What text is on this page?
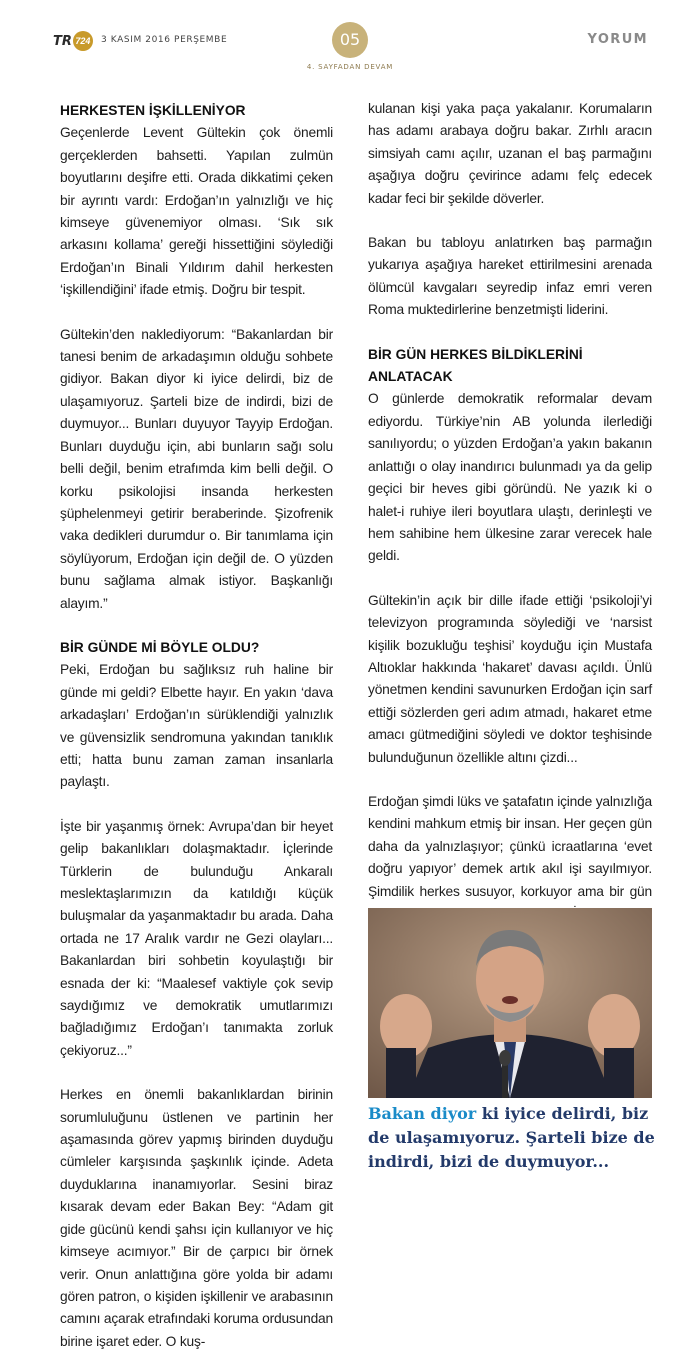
TR 724 3 KASIM 2016 PERŞEMBE	05
4. SAYFADAN DEVAM
YORUM
HERKESTEN İŞKİLLENİYOR

Geçenlerde Levent Gültekin çok önemli gerçeklerden bahsetti. Yapılan zulmün boyutlarını deşifre etti. Orada dikkatimi çeken bir ayrıntı vardı: Erdoğan’ın yalnızlığı ve hiç kimseye güvenemiyor olması. ‘Sık sık arkasını kollama’ gereği hissettiğini söylediği Erdoğan’ın Binali Yıldırım dahil herkesten ‘işkillendiğini’ ifade etmiş. Doğru bir tespit.

Gültekin’den naklediyorum: “Bakanlardan bir tanesi benim de arkadaşımın olduğu sohbete gidiyor. Bakan diyor ki iyice delirdi, biz de ulaşamıyoruz. Şarteli bize de indirdi, bizi de duymuyor... Bunları duyuyor Tayyip Erdoğan. Bunları duyduğu için, abi bunların sağı solu belli değil, benim etrafımda kim belli değil. O korku psikolojisi insanda herkesten şüphelenmeyi getirir beraberinde. Şizofrenik vaka dedikleri durumdur o. Bir tanımlama için söylüyorum, Erdoğan için değil de. O yüzden bunu sağlama almak istiyor. Başkanlığı alayım.”

BİR GÜNDE Mİ BÖYLE OLDU?

Peki, Erdoğan bu sağlıksız ruh haline bir günde mi geldi? Elbette hayır. En yakın ‘dava arkadaşları’ Erdoğan’ın sürüklendiği yalnızlık ve güvensizlik sendromuna yakından tanıklık etti; hatta bunu zaman zaman insanlarla paylaştı.

İşte bir yaşanmış örnek: Avrupa’dan bir heyet gelip bakanlıkları dolaşmaktadır. İçlerinde Türklerin de bulunduğu Ankaralı meslektaşlarımızın da katıldığı küçük buluşmalar da yaşanmaktadır bu arada. Daha ortada ne 17 Aralık vardır ne Gezi olayları... Bakanlardan biri sohbetin koyulaştığı bir esnada der ki: “Maalesef vaktiyle çok sevip saydığımız ve demokratik umutlarımızı bağladığımız Erdoğan’ı tanımakta zorluk çekiyoruz...”

Herkes en önemli bakanlıklardan birinin sorumluluğunu üstlenen ve partinin her aşamasında görev yapmış birinden duyduğu cümleler karşısında şaşkınlık içinde. Adeta duyduklarına inanamıyorlar. Sesini biraz kısarak devam eder Bakan Bey: “Adam git gide gücünü kendi şahsı için kullanıyor ve hiç kimseye acımıyor.” Bir de çarpıcı bir örnek verir. Onun anlattığına göre yolda bir adamı gören patron, o kişiden işkillenir ve arabasının camını açarak etrafındaki koruma ordusundan birine işaret eder. O kuş-

kulanan kişi yaka paça yakalanır. Korumaların has adamı arabaya doğru bakar. Zırhlı aracın simsiyah camı açılır, uzanan el baş parmağını aşağıya doğru çevirince adamı felç edecek kadar feci bir şekilde döverler.

Bakan bu tabloyu anlatırken baş parmağın yukarıya aşağıya hareket ettirilmesini arenada ölümcül kavgaları seyredip infaz emri veren Roma muktedirlerine benzetmişti liderini.

BİR GÜN HERKES BİLDİKLERİNİ ANLATACAK

O günlerde demokratik reformalar devam ediyordu. Türkiye’nin AB yolunda ilerlediği sanılıyordu; o yüzden Erdoğan’a yakın bakanın anlattığı o olay inandırıcı bulunmadı ya da gelip geçici bir heves gibi göründü. Ne yazık ki o halet-i ruhiye ileri boyutlara ulaştı, derinleşti ve hem sahibine hem ülkesine zarar verecek hale geldi.

Gültekin’in açık bir dille ifade ettiği ‘psikoloji’yi televizyon programında söylediği ve ‘narsist kişilik bozukluğu teşhisi’ koyduğu için Mustafa Altıoklar hakkında ‘hakaret’ davası açıldı. Ünlü yönetmen kendini savunurken Erdoğan için sarf ettiği sözlerden geri adım atmadı, hakaret etme amacı gütmediğini söyledi ve doktor teşhisinde bulunduğunun özellikle altını çizdi...

Erdoğan şimdi lüks ve şatafatın içinde yalnızlığa kendini mahkum etmiş bir insan. Her geçen gün daha da yalnızlaşıyor; çünkü icraatlarına ‘evet doğru yapıyor’ demek artık akıl işi sayılmıyor. Şimdilik herkes susuyor, korkuyor ama bir gün

Bakan diyor ki iyice delirdi, biz de ulaşamıyoruz. Şarteli bize de indirdi, bizi de duymuyor...
